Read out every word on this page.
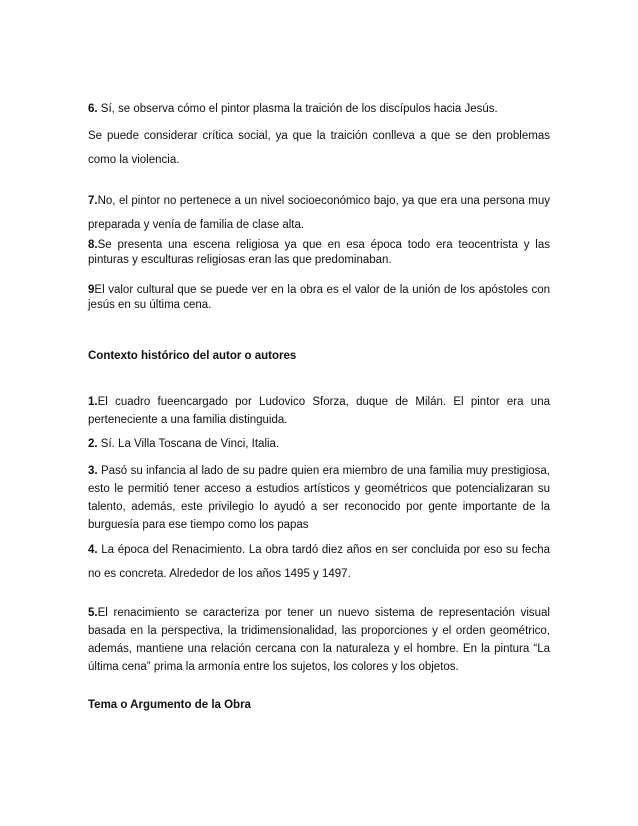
6. Sí, se observa cómo el pintor plasma la traición de los discípulos hacia Jesús.

Se puede considerar crítica social, ya que la traición conlleva a que se den problemas como la violencia.

7.No, el pintor no pertenece a un nivel socioeconómico bajo, ya que era una persona muy preparada y venía de familia de clase alta.

8.Se presenta una escena religiosa ya que en esa época todo era teocentrista y las pinturas y esculturas religiosas eran las que predominaban.

9El valor cultural que se puede ver en la obra es el valor de la unión de los apóstoles con jesús en su última cena.

Contexto histórico del autor o autores

1.El cuadro fueencargado por Ludovico Sforza, duque de Milán. El pintor era una perteneciente a una familia distinguida.

2. Sí. La Villa Toscana de Vinci, Italia.

3. Pasó su infancia al lado de su padre quien era miembro de una familia muy prestigiosa, esto le permitió tener acceso a estudios artísticos y geométricos que potencializaran su talento, además, este privilegio lo ayudó a ser reconocido por gente importante de la burguesía para ese tiempo como los papas

4. La época del Renacimiento. La obra tardó diez años en ser concluida por eso su fecha no es concreta. Alrededor de los años 1495 y 1497.

5.El renacimiento se caracteriza por tener un nuevo sistema de representación visual basada en la perspectiva, la tridimensionalidad, las proporciones y el orden geométrico, además, mantiene una relación cercana con la naturaleza y el hombre. En la pintura “La última cena” prima la armonía entre los sujetos, los colores y los objetos.

Tema o Argumento de la Obra
